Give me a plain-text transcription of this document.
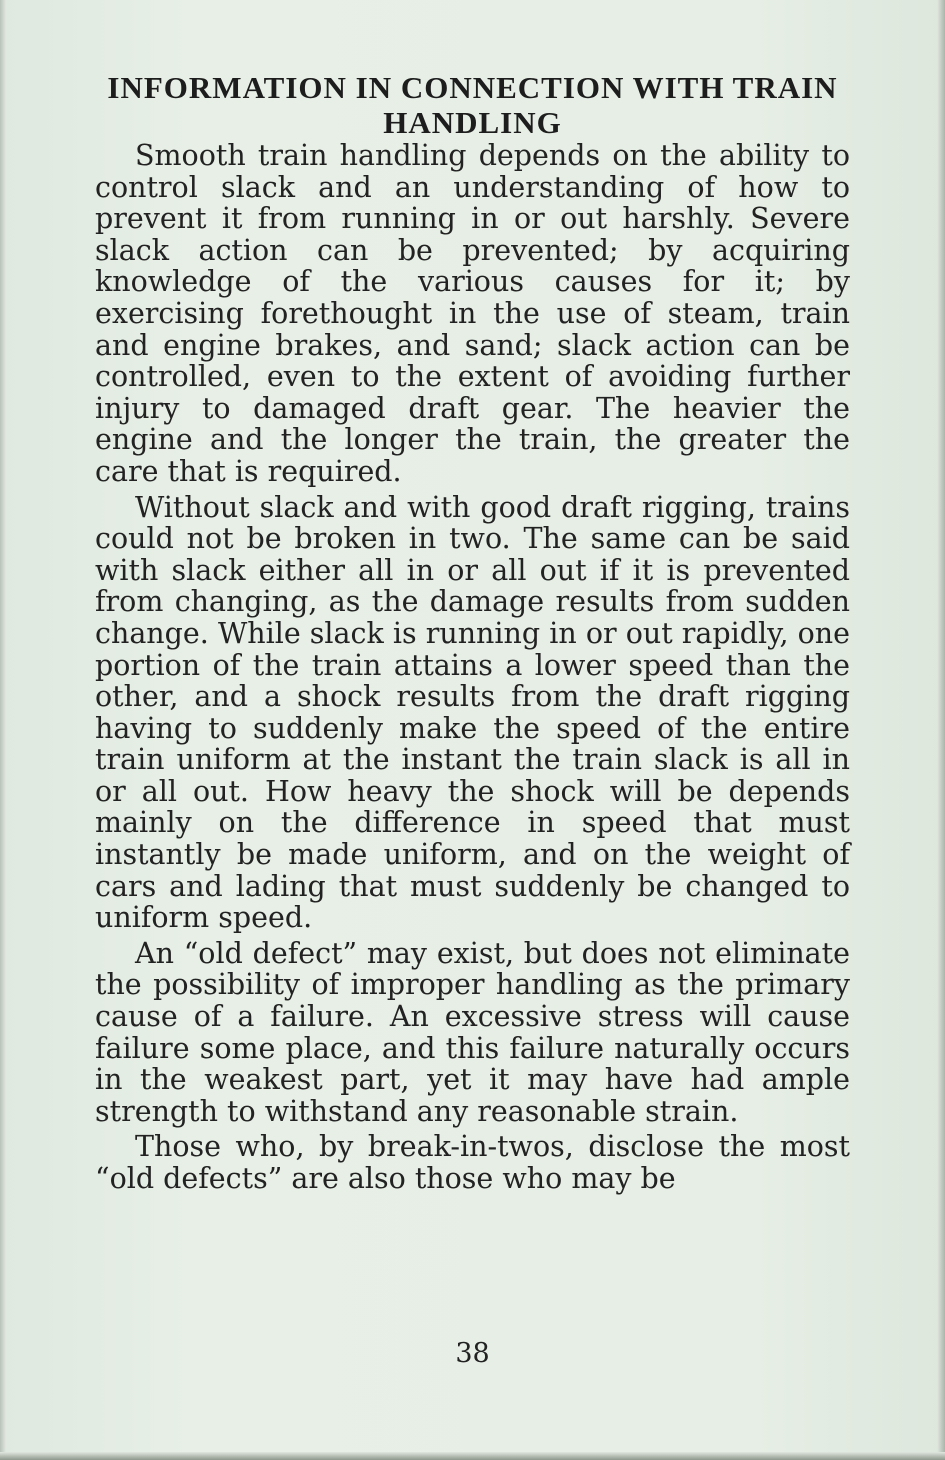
INFORMATION IN CONNECTION WITH TRAIN HANDLING

Smooth train handling depends on the ability to control slack and an understanding of how to prevent it from running in or out harshly. Severe slack action can be prevented; by acquiring knowledge of the various causes for it; by exercising forethought in the use of steam, train and engine brakes, and sand; slack action can be controlled, even to the extent of avoiding further injury to damaged draft gear. The heavier the engine and the longer the train, the greater the care that is required.

Without slack and with good draft rigging, trains could not be broken in two. The same can be said with slack either all in or all out if it is prevented from changing, as the damage results from sudden change. While slack is running in or out rapidly, one portion of the train attains a lower speed than the other, and a shock results from the draft rigging having to suddenly make the speed of the entire train uniform at the instant the train slack is all in or all out. How heavy the shock will be depends mainly on the difference in speed that must instantly be made uniform, and on the weight of cars and lading that must suddenly be changed to uniform speed.

An “old defect” may exist, but does not eliminate the possibility of improper handling as the primary cause of a failure. An excessive stress will cause failure some place, and this failure naturally occurs in the weakest part, yet it may have had ample strength to withstand any reasonable strain.

Those who, by break-in-twos, disclose the most “old defects” are also those who may be

38
